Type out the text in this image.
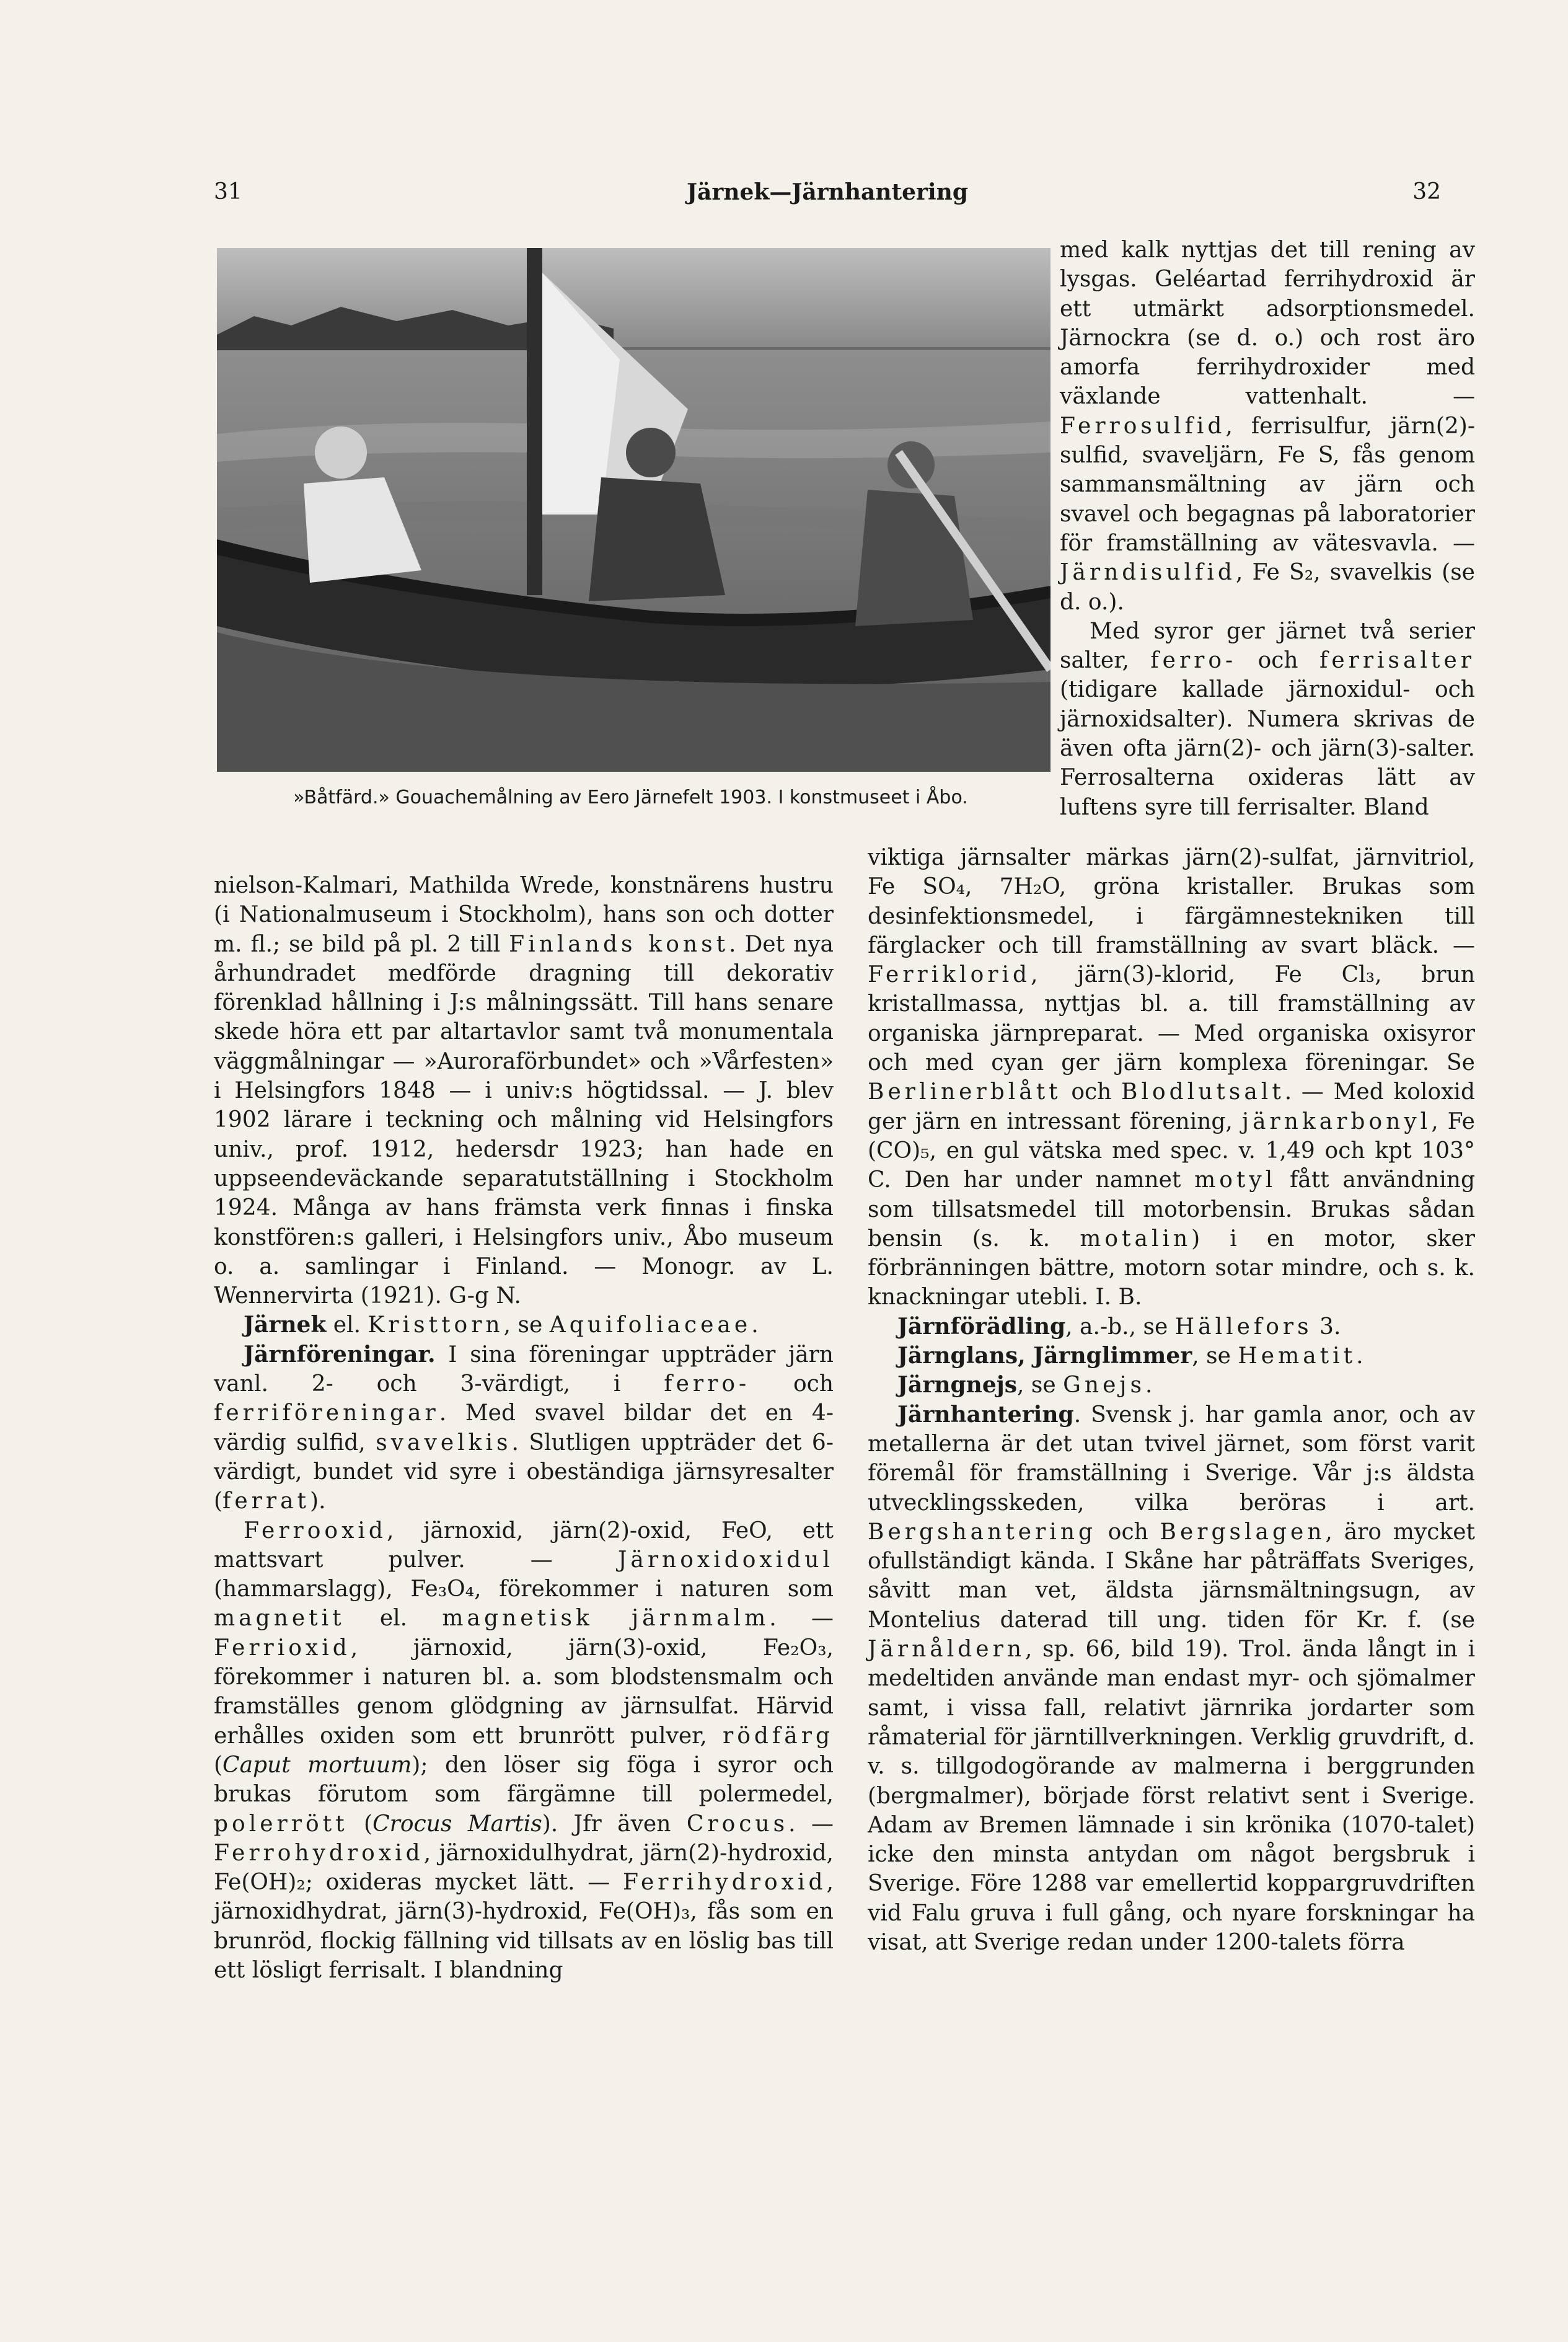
31	Järnek—Järnhantering	32
»Båtfärd.» Gouachemålning av Eero Järnefelt 1903. I konstmuseet i Åbo.

med kalk nyttjas det till rening av lysgas. Geléartad ferrihydroxid är ett utmärkt adsorptionsmedel. Järnockra (se d. o.) och rost äro amorfa ferrihydroxider med växlande vattenhalt. — Ferrosulfid, ferrisulfur, järn(2)-sulfid, svaveljärn, Fe S, fås genom sammansmältning av järn och svavel och begagnas på laboratorier för framställning av vätesvavla. — Järndisulfid, Fe S₂, svavelkis (se d. o.).

Med syror ger järnet två serier salter, ferro- och ferrisalter (tidigare kallade järnoxidul- och järnoxidsalter). Numera skrivas de även ofta järn(2)- och järn(3)-salter. Ferrosalterna oxideras lätt av luftens syre till ferrisalter. Bland

viktiga järnsalter märkas järn(2)-sulfat, järnvitriol, Fe SO₄, 7H₂O, gröna kristaller. Brukas som desinfektionsmedel, i färgämnestekniken till färglacker och till framställning av svart bläck. — Ferriklorid, järn(3)-klorid, Fe Cl₃, brun kristallmassa, nyttjas bl. a. till framställning av organiska järnpreparat. — Med organiska oxisyror och med cyan ger järn komplexa föreningar. Se Berlinerblått och Blodlutsalt. — Med koloxid ger järn en intressant förening, järnkarbonyl, Fe (CO)₅, en gul vätska med spec. v. 1,49 och kpt 103° C. Den har under namnet motyl fått användning som tillsatsmedel till motorbensin. Brukas sådan bensin (s. k. motalin) i en motor, sker förbränningen bättre, motorn sotar mindre, och s. k. knackningar utebli. I. B.

Järnförädling, a.-b., se Hällefors 3.

Järnglans, Järnglimmer, se Hematit.

Järngnejs, se Gnejs.

Järnhantering. Svensk j. har gamla anor, och av metallerna är det utan tvivel järnet, som först varit föremål för framställning i Sverige. Vår j:s äldsta utvecklingsskeden, vilka beröras i art. Bergshantering och Bergslagen, äro mycket ofullständigt kända. I Skåne har påträffats Sveriges, såvitt man vet, äldsta järnsmältningsugn, av Montelius daterad till ung. tiden för Kr. f. (se Järnåldern, sp. 66, bild 19). Trol. ända långt in i medeltiden använde man endast myr- och sjömalmer samt, i vissa fall, relativt järnrika jordarter som råmaterial för järntillverkningen. Verklig gruvdrift, d. v. s. tillgodogörande av malmerna i berggrunden (bergmalmer), började först relativt sent i Sverige. Adam av Bremen lämnade i sin krönika (1070-talet) icke den minsta antydan om något bergsbruk i Sverige. Före 1288 var emellertid koppargruvdriften vid Falu gruva i full gång, och nyare forskningar ha visat, att Sverige redan under 1200-talets förra

nielson-Kalmari, Mathilda Wrede, konstnärens hustru (i Nationalmuseum i Stockholm), hans son och dotter m. fl.; se bild på pl. 2 till Finlands konst. Det nya århundradet medförde dragning till dekorativ förenklad hållning i J:s målningssätt. Till hans senare skede höra ett par altartavlor samt två monumentala väggmålningar — »Auroraförbundet» och »Vårfesten» i Helsingfors 1848 — i univ:s högtidssal. — J. blev 1902 lärare i teckning och målning vid Helsingfors univ., prof. 1912, hedersdr 1923; han hade en uppseendeväckande separatutställning i Stockholm 1924. Många av hans främsta verk finnas i finska konstfören:s galleri, i Helsingfors univ., Åbo museum o. a. samlingar i Finland. — Monogr. av L. Wennervirta (1921). G-g N.

Järnek el. Kristtorn, se Aquifoliaceae.

Järnföreningar. I sina föreningar uppträder järn vanl. 2- och 3-värdigt, i ferro- och ferriföreningar. Med svavel bildar det en 4-värdig sulfid, svavelkis. Slutligen uppträder det 6-värdigt, bundet vid syre i obeständiga järnsyresalter (ferrat).

Ferrooxid, järnoxid, järn(2)-oxid, FeO, ett mattsvart pulver. — Järnoxidoxidul (hammarslagg), Fe₃O₄, förekommer i naturen som magnetit el. magnetisk järnmalm. — Ferrioxid, järnoxid, järn(3)-oxid, Fe₂O₃, förekommer i naturen bl. a. som blodstensmalm och framställes genom glödgning av järnsulfat. Härvid erhålles oxiden som ett brunrött pulver, rödfärg (Caput mortuum); den löser sig föga i syror och brukas förutom som färgämne till polermedel, polerrött (Crocus Martis). Jfr även Crocus. — Ferrohydroxid, järnoxidulhydrat, järn(2)-hydroxid, Fe(OH)₂; oxideras mycket lätt. — Ferrihydroxid, järnoxidhydrat, järn(3)-hydroxid, Fe(OH)₃, fås som en brunröd, flockig fällning vid tillsats av en löslig bas till ett lösligt ferrisalt. I blandning
